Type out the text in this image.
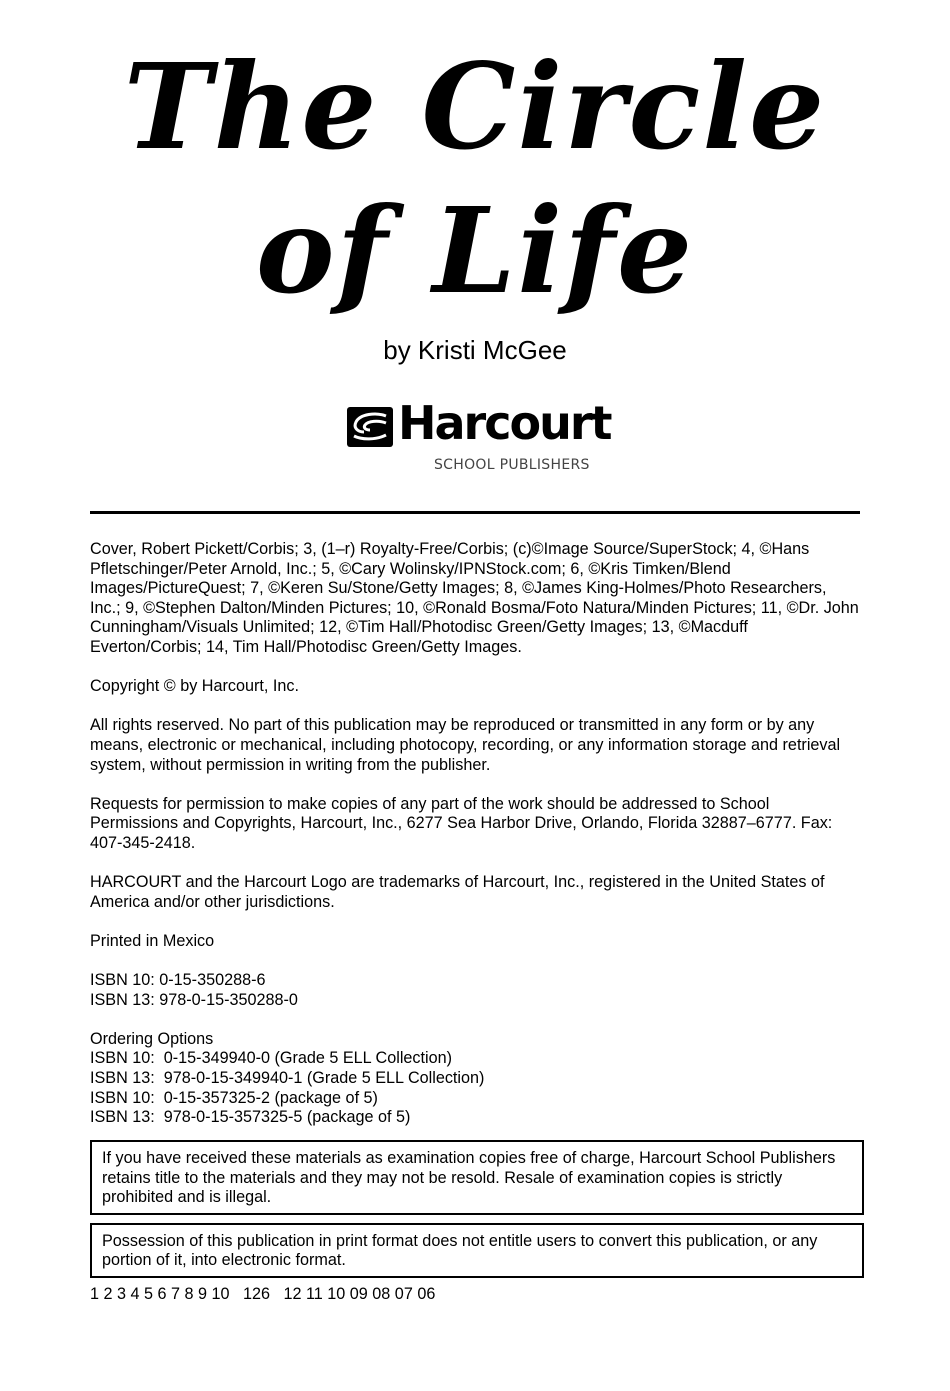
The Circle
of Life
by Kristi McGee
Harcourt
SCHOOL PUBLISHERS

Cover, Robert Pickett/Corbis; 3, (1–r) Royalty-Free/Corbis; (c)©Image Source/SuperStock; 4, ©Hans Pfletschinger/Peter Arnold, Inc.; 5, ©Cary Wolinsky/IPNStock.com; 6, ©Kris Timken/Blend Images/PictureQuest; 7, ©Keren Su/Stone/Getty Images; 8, ©James King-Holmes/Photo Researchers, Inc.; 9, ©Stephen Dalton/Minden Pictures; 10, ©Ronald Bosma/Foto Natura/Minden Pictures; 11, ©Dr. John Cunningham/Visuals Unlimited; 12, ©Tim Hall/Photodisc Green/Getty Images; 13, ©Macduff Everton/Corbis; 14, Tim Hall/Photodisc Green/Getty Images.

Copyright © by Harcourt, Inc.

All rights reserved. No part of this publication may be reproduced or transmitted in any form or by any means, electronic or mechanical, including photocopy, recording, or any information storage and retrieval system, without permission in writing from the publisher.

Requests for permission to make copies of any part of the work should be addressed to School Permissions and Copyrights, Harcourt, Inc., 6277 Sea Harbor Drive, Orlando, Florida 32887–6777. Fax: 407-345-2418.

HARCOURT and the Harcourt Logo are trademarks of Harcourt, Inc., registered in the United States of America and/or other jurisdictions.

Printed in Mexico

ISBN 10: 0-15-350288-6
ISBN 13: 978-0-15-350288-0

Ordering Options
ISBN 10:  0-15-349940-0 (Grade 5 ELL Collection)
ISBN 13:  978-0-15-349940-1 (Grade 5 ELL Collection)
ISBN 10:  0-15-357325-2 (package of 5)
ISBN 13:  978-0-15-357325-5 (package of 5)

If you have received these materials as examination copies free of charge, Harcourt School Publishers retains title to the materials and they may not be resold. Resale of examination copies is strictly prohibited and is illegal.
Possession of this publication in print format does not entitle users to convert this publication, or any portion of it, into electronic format.
1 2 3 4 5 6 7 8 9 10   126   12 11 10 09 08 07 06
